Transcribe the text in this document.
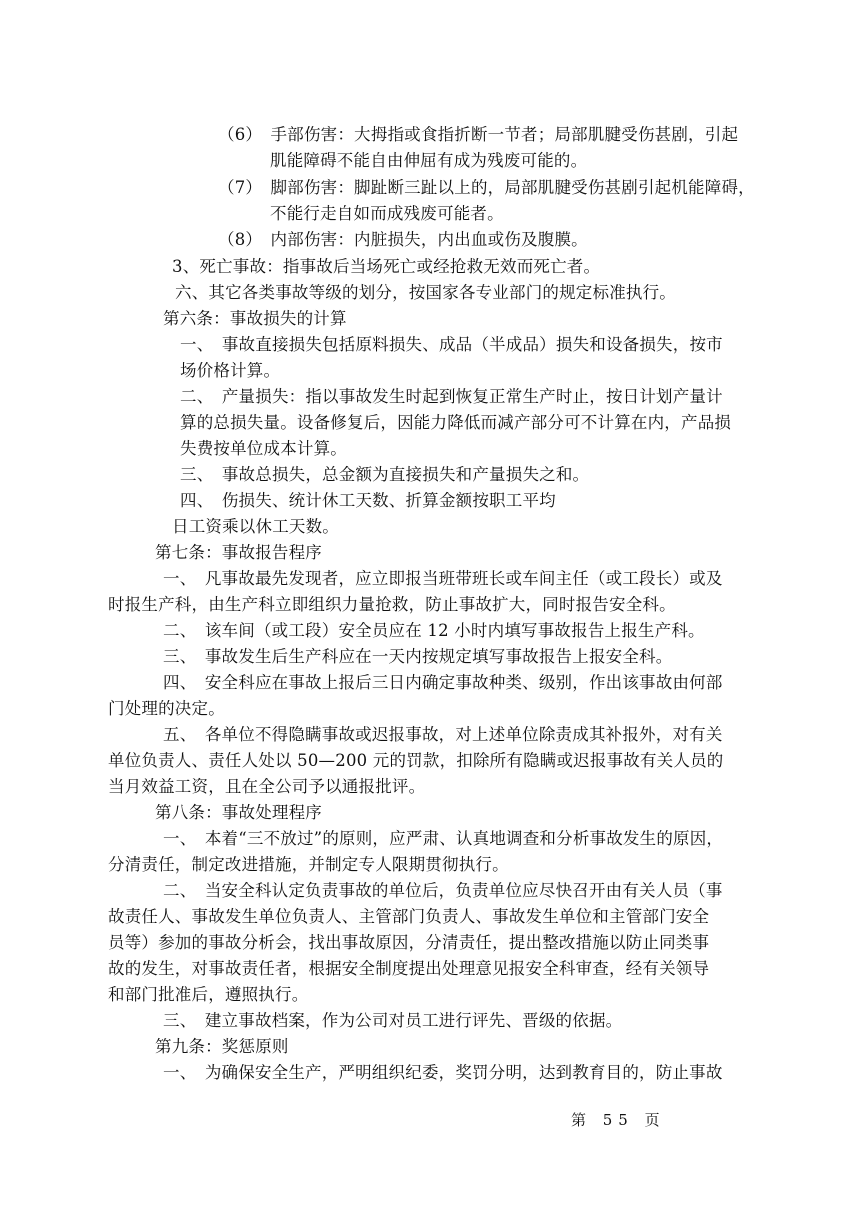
（6）　手部伤害：大拇指或食指折断一节者；局部肌腱受伤甚剧，引起
肌能障碍不能自由伸屈有成为残废可能的。
（7）　脚部伤害：脚趾断三趾以上的，局部肌腱受伤甚剧引起机能障碍，
不能行走自如而成残废可能者。
（8）　内部伤害：内脏损失，内出血或伤及腹膜。
3、死亡事故：指事故后当场死亡或经抢救无效而死亡者。
六、其它各类事故等级的划分，按国家各专业部门的规定标准执行。
第六条：事故损失的计算
一、　事故直接损失包括原料损失、成品（半成品）损失和设备损失，按市
场价格计算。
二、　产量损失：指以事故发生时起到恢复正常生产时止，按日计划产量计
算的总损失量。设备修复后，因能力降低而减产部分可不计算在内，产品损
失费按单位成本计算。
三、　事故总损失，总金额为直接损失和产量损失之和。
四、　伤损失、统计休工天数、折算金额按职工平均
日工资乘以休工天数。
第七条：事故报告程序
一、　凡事故最先发现者，应立即报当班带班长或车间主任（或工段长）或及
时报生产科，由生产科立即组织力量抢救，防止事故扩大，同时报告安全科。
二、　该车间（或工段）安全员应在 12 小时内填写事故报告上报生产科。
三、　事故发生后生产科应在一天内按规定填写事故报告上报安全科。
四、　安全科应在事故上报后三日内确定事故种类、级别，作出该事故由何部
门处理的决定。
五、　各单位不得隐瞒事故或迟报事故，对上述单位除责成其补报外，对有关
单位负责人、责任人处以 50—200 元的罚款，扣除所有隐瞒或迟报事故有关人员的
当月效益工资，且在全公司予以通报批评。
第八条：事故处理程序
一、　本着“三不放过”的原则，应严肃、认真地调查和分析事故发生的原因，
分清责任，制定改进措施，并制定专人限期贯彻执行。
二、　当安全科认定负责事故的单位后，负责单位应尽快召开由有关人员（事
故责任人、事故发生单位负责人、主管部门负责人、事故发生单位和主管部门安全
员等）参加的事故分析会，找出事故原因，分清责任，提出整改措施以防止同类事
故的发生，对事故责任者，根据安全制度提出处理意见报安全科审查，经有关领导
和部门批准后，遵照执行。
三、　建立事故档案，作为公司对员工进行评先、晋级的依据。
第九条：奖惩原则
一、　为确保安全生产，严明组织纪委，奖罚分明，达到教育目的，防止事故
第 55 页
